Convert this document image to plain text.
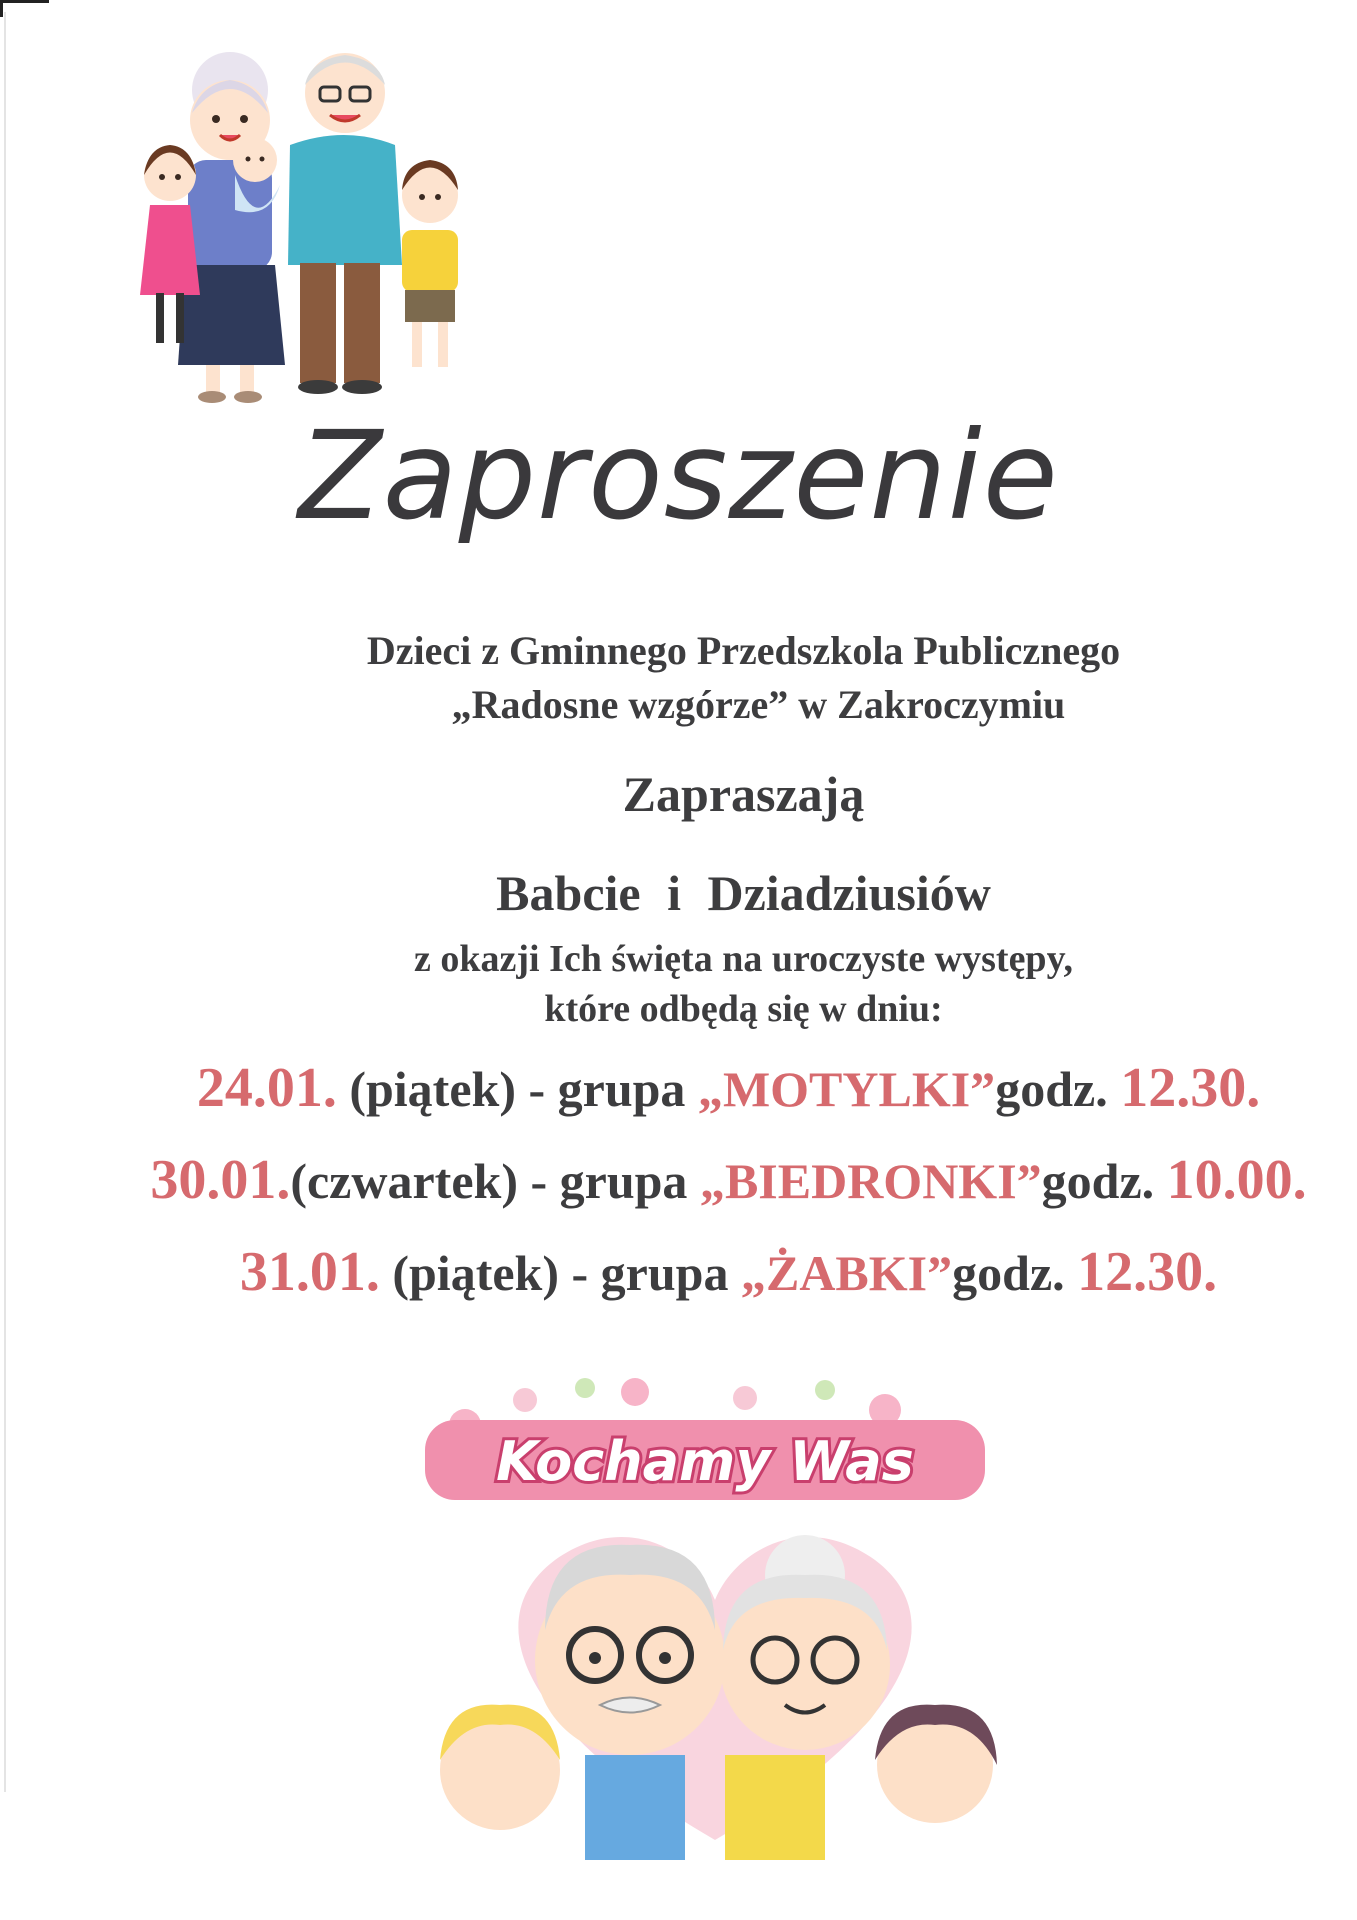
Zaproszenie
Dzieci z Gminnego Przedszkola Publicznego
„Radosne wzgórze” w Zakroczymiu
Zapraszają
Babcie i Dziadziusiów
z okazji Ich święta na uroczyste występy,
które odbędą się w dniu:
24.01. (piątek) - grupa „MOTYLKI”godz. 12.30.
30.01.(czwartek) - grupa „BIEDRONKI”godz. 10.00.
31.01. (piątek) - grupa „ŻABKI”godz. 12.30.
Kochamy Was
